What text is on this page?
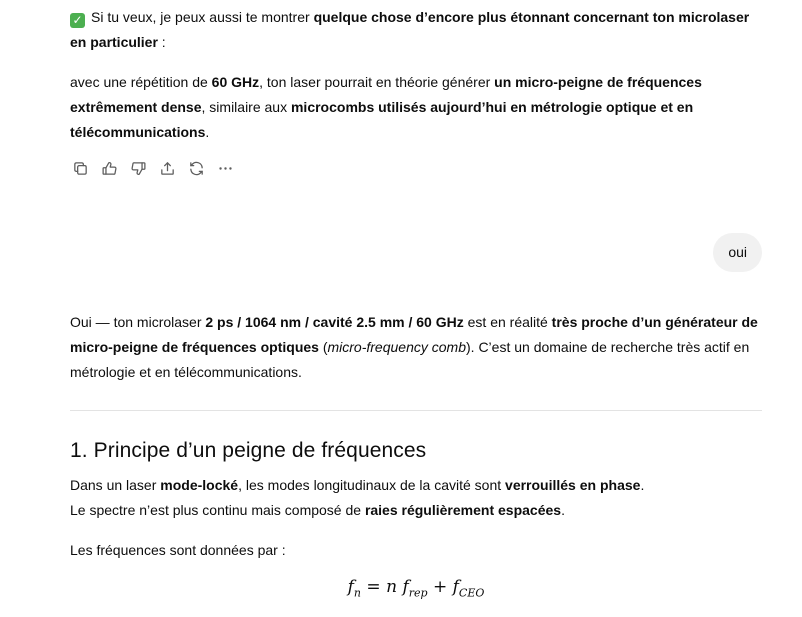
✓ Si tu veux, je peux aussi te montrer quelque chose d’encore plus étonnant concernant ton microlaser en particulier :

avec une répétition de 60 GHz, ton laser pourrait en théorie générer un micro-peigne de fréquences extrêmement dense, similaire aux microcombs utilisés aujourd’hui en métrologie optique et en télécommunications.

oui

Oui — ton microlaser 2 ps / 1064 nm / cavité 2.5 mm / 60 GHz est en réalité très proche d’un générateur de micro-peigne de fréquences optiques (micro-frequency comb). C’est un domaine de recherche très actif en métrologie et en télécommunications.

1. Principe d’un peigne de fréquences

Dans un laser mode-locké, les modes longitudinaux de la cavité sont verrouillés en phase.
Le spectre n’est plus continu mais composé de raies régulièrement espacées.

Les fréquences sont données par :

$f_n = n$ $f_{rep} + f_{CEO}$
